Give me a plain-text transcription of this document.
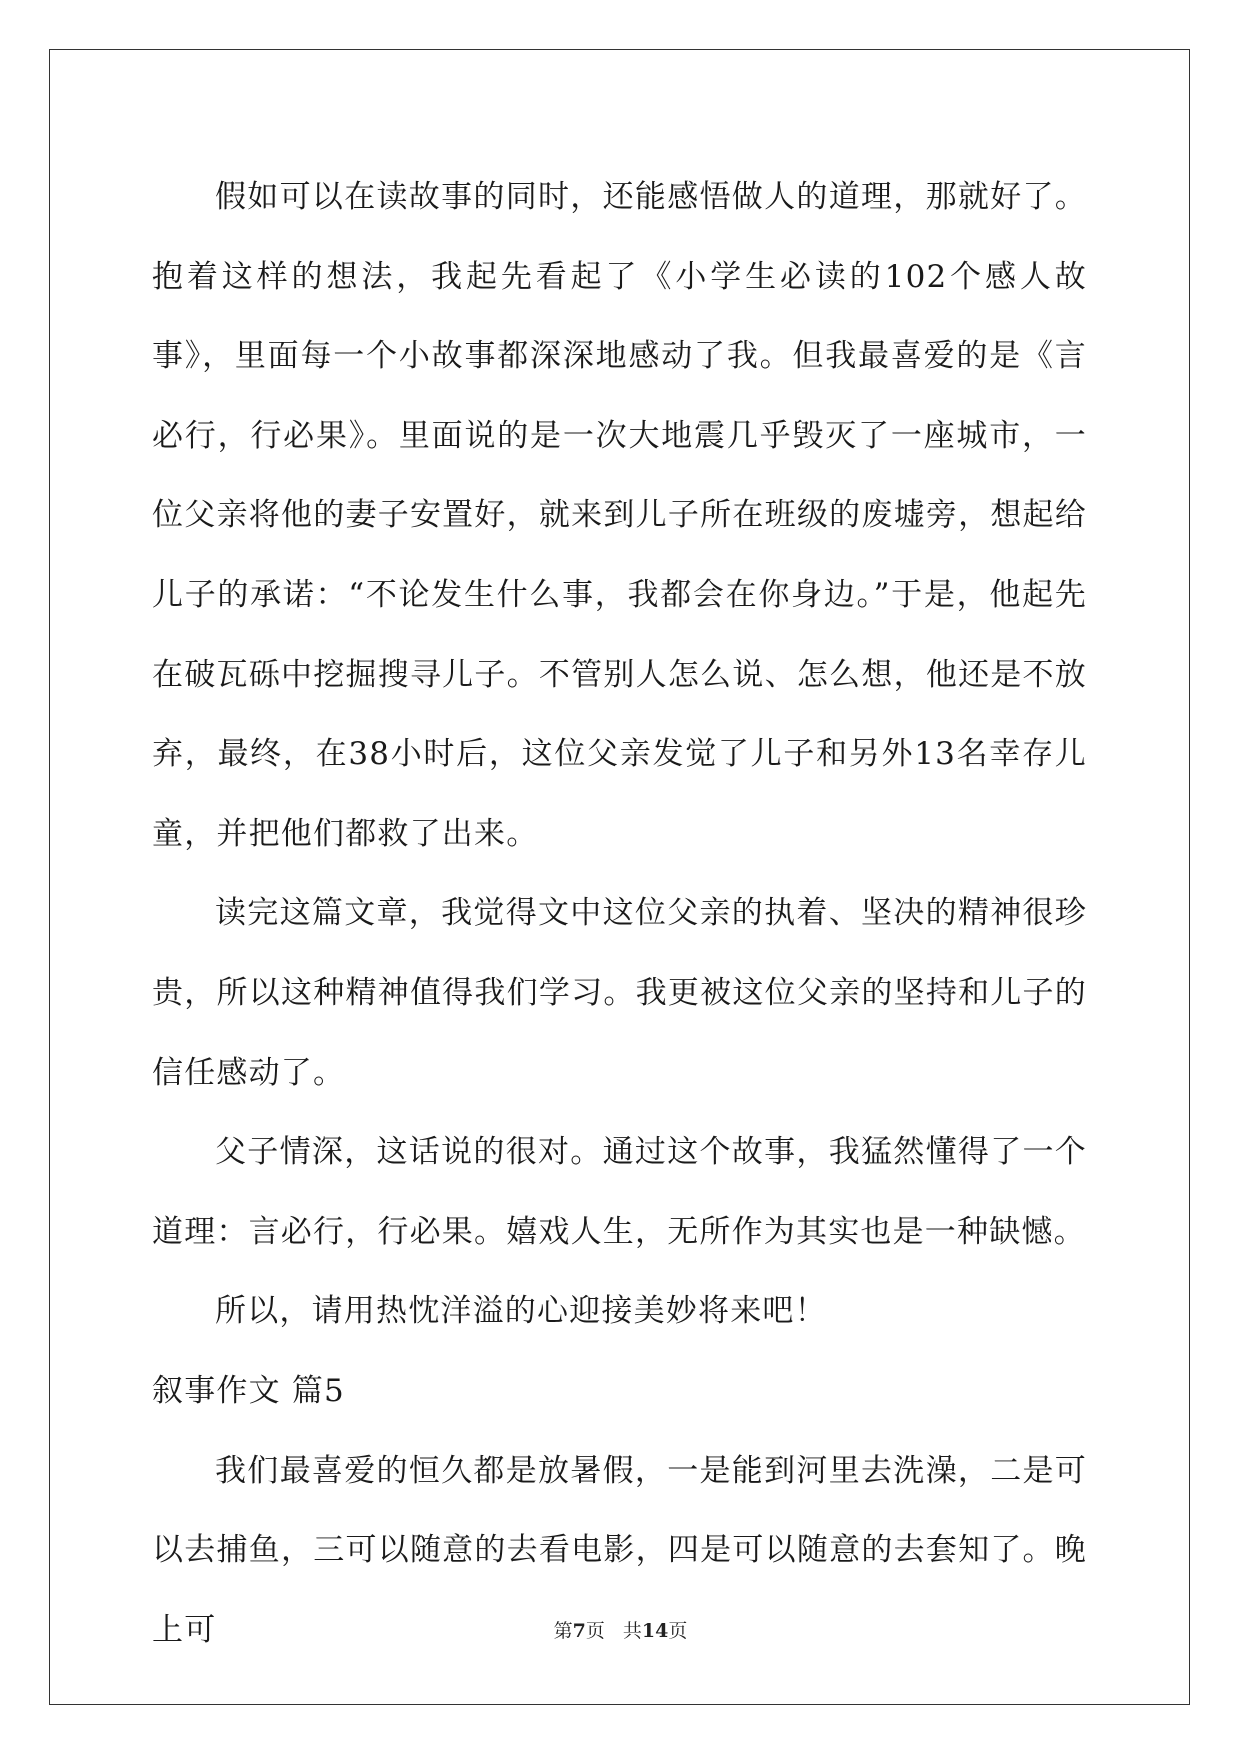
假如可以在读故事的同时，还能感悟做人的道理，那就好了。抱着这样的想法，我起先看起了《小学生必读的102个感人故事》，里面每一个小故事都深深地感动了我。但我最喜爱的是《言必行，行必果》。里面说的是一次大地震几乎毁灭了一座城市，一位父亲将他的妻子安置好，就来到儿子所在班级的废墟旁，想起给儿子的承诺：“不论发生什么事，我都会在你身边。”于是，他起先在破瓦砾中挖掘搜寻儿子。不管别人怎么说、怎么想，他还是不放弃，最终，在38小时后，这位父亲发觉了儿子和另外13名幸存儿童，并把他们都救了出来。

读完这篇文章，我觉得文中这位父亲的执着、坚决的精神很珍贵，所以这种精神值得我们学习。我更被这位父亲的坚持和儿子的信任感动了。

父子情深，这话说的很对。通过这个故事，我猛然懂得了一个道理：言必行，行必果。嬉戏人生，无所作为其实也是一种缺憾。

所以，请用热忱洋溢的心迎接美妙将来吧！

叙事作文 篇5

我们最喜爱的恒久都是放暑假，一是能到河里去洗澡，二是可以去捕鱼，三可以随意的去看电影，四是可以随意的去套知了。晚上可	第7页 共14页
